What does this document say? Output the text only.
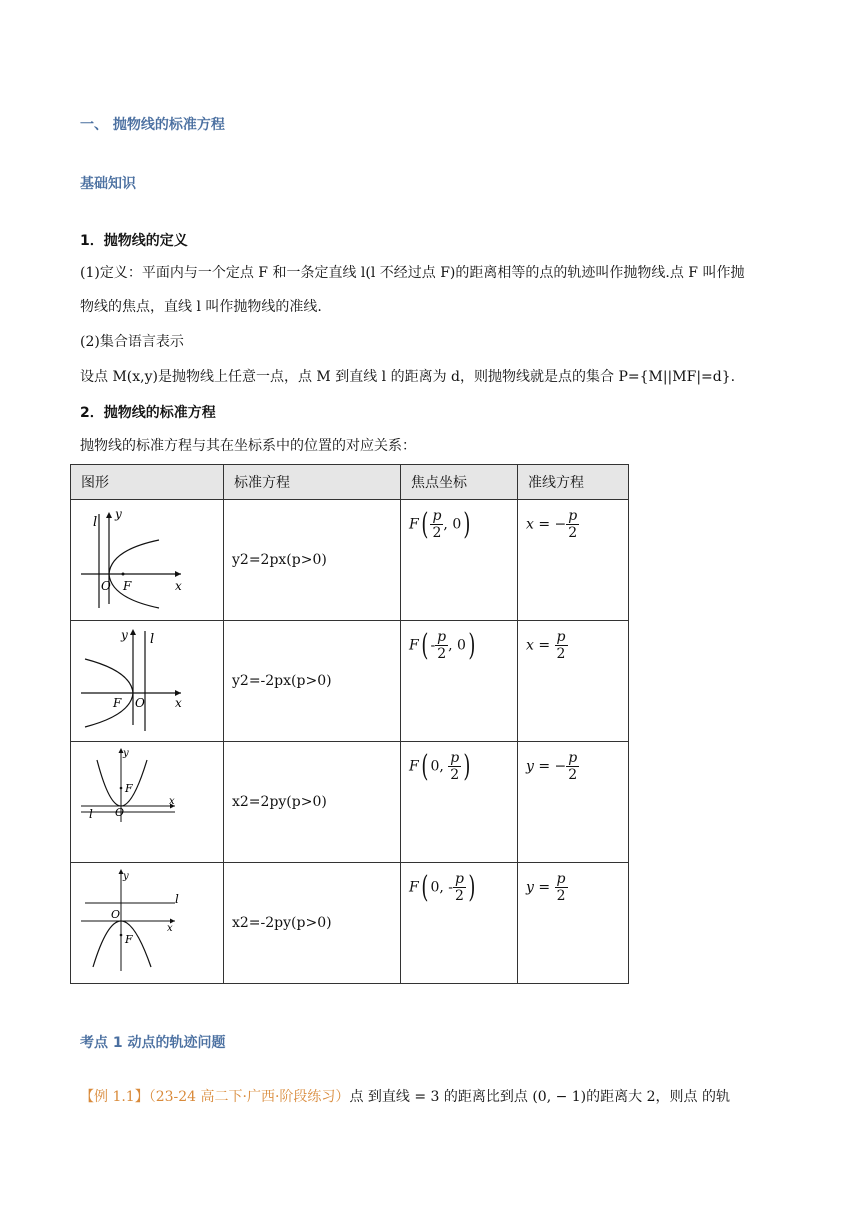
一、 抛物线的标准方程
基础知识
1．抛物线的定义
(1)定义：平面内与一个定点 F 和一条定直线 l(l 不经过点 F)的距离相等的点的轨迹叫作抛物线.点 F 叫作抛
物线的焦点，直线 l 叫作抛物线的准线.
(2)集合语言表示
设点 M(x,y)是抛物线上任意一点，点 M 到直线 l 的距离为 d，则抛物线就是点的集合 P={M||MF|=d}.
2．抛物线的标准方程
抛物线的标准方程与其在坐标系中的位置的对应关系：
图形	标准方程	焦点坐标	准线方程

l
y
x
O F	y2=2px(p>0)	$F( \frac{p}{2}$ , 0)	x = − $\frac{p}{2}$

l
y
x
O
F	y2=-2px(p>0)	$F( - \frac{p}{2}$ , 0)	$x = \frac{p}{2}$

l
y
x
O
F	x2=2py(p>0)	F( 0, $\frac{p}{2}$ )	y = − $\frac{p}{2}$

l
y
x
O
F	x2=-2py(p>0)	F( 0, - $\frac{p}{2}$ )	$y = \frac{p}{2}$
考点 1 动点的轨迹问题
【例 1.1】（23-24 高二下·广西·阶段练习）点 到直线 = 3 的距离比到点 (0, − 1)的距离大 2，则点 的轨
